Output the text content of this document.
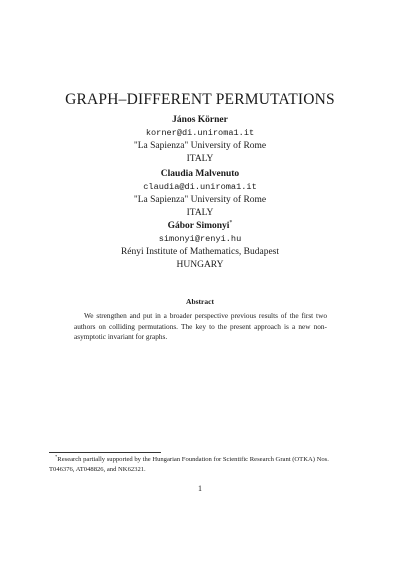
GRAPH–DIFFERENT PERMUTATIONS
János Körner
korner@di.uniroma1.it
"La Sapienza" University of Rome
ITALY
Claudia Malvenuto
claudia@di.uniroma1.it
"La Sapienza" University of Rome
ITALY
Gábor Simonyi*
simonyi@renyi.hu
Rényi Institute of Mathematics, Budapest
HUNGARY
Abstract
We strengthen and put in a broader perspective previous results of the first two authors on colliding permutations. The key to the present approach is a new non-asymptotic invariant for graphs.
*Research partially supported by the Hungarian Foundation for Scientific Research Grant (OTKA) Nos. T046376, AT048826, and NK62321.
1
